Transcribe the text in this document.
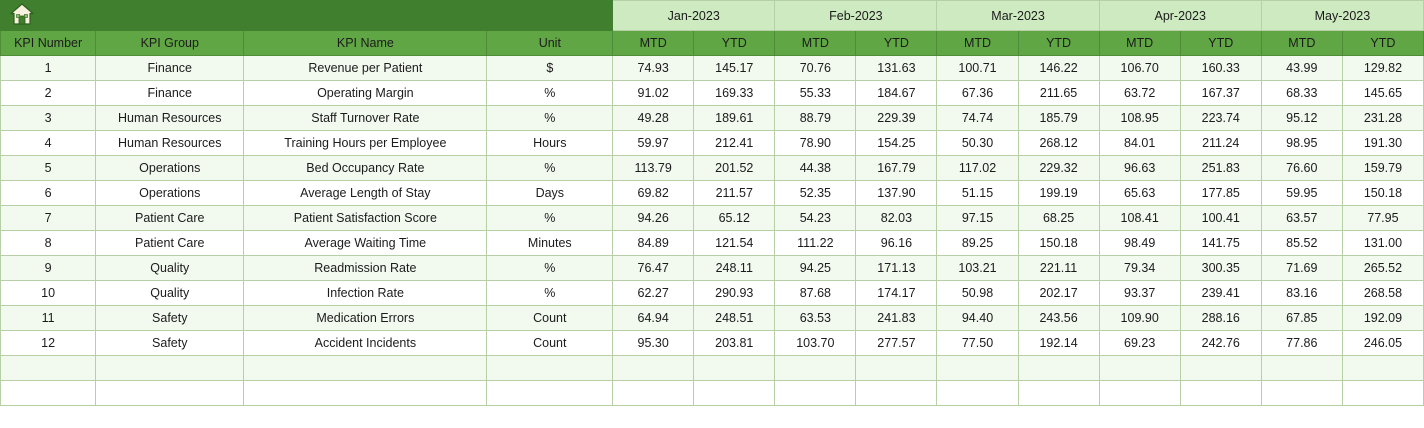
	Jan-2023		Feb-2023		Mar-2023		Apr-2023		May-2023	
KPI Number	KPI Group	KPI Name	Unit	MTD	YTD	MTD	YTD	MTD	YTD	MTD	YTD	MTD	YTD
1	Finance	Revenue per Patient	$	74.93	145.17	70.76	131.63	100.71	146.22	106.70	160.33	43.99	129.82
2	Finance	Operating Margin	%	91.02	169.33	55.33	184.67	67.36	211.65	63.72	167.37	68.33	145.65
3	Human Resources	Staff Turnover Rate	%	49.28	189.61	88.79	229.39	74.74	185.79	108.95	223.74	95.12	231.28
4	Human Resources	Training Hours per Employee	Hours	59.97	212.41	78.90	154.25	50.30	268.12	84.01	211.24	98.95	191.30
5	Operations	Bed Occupancy Rate	%	113.79	201.52	44.38	167.79	117.02	229.32	96.63	251.83	76.60	159.79
6	Operations	Average Length of Stay	Days	69.82	211.57	52.35	137.90	51.15	199.19	65.63	177.85	59.95	150.18
7	Patient Care	Patient Satisfaction Score	%	94.26	65.12	54.23	82.03	97.15	68.25	108.41	100.41	63.57	77.95
8	Patient Care	Average Waiting Time	Minutes	84.89	121.54	111.22	96.16	89.25	150.18	98.49	141.75	85.52	131.00
9	Quality	Readmission Rate	%	76.47	248.11	94.25	171.13	103.21	221.11	79.34	300.35	71.69	265.52
10	Quality	Infection Rate	%	62.27	290.93	87.68	174.17	50.98	202.17	93.37	239.41	83.16	268.58
11	Safety	Medication Errors	Count	64.94	248.51	63.53	241.83	94.40	243.56	109.90	288.16	67.85	192.09
12	Safety	Accident Incidents	Count	95.30	203.81	103.70	277.57	77.50	192.14	69.23	242.76	77.86	246.05
